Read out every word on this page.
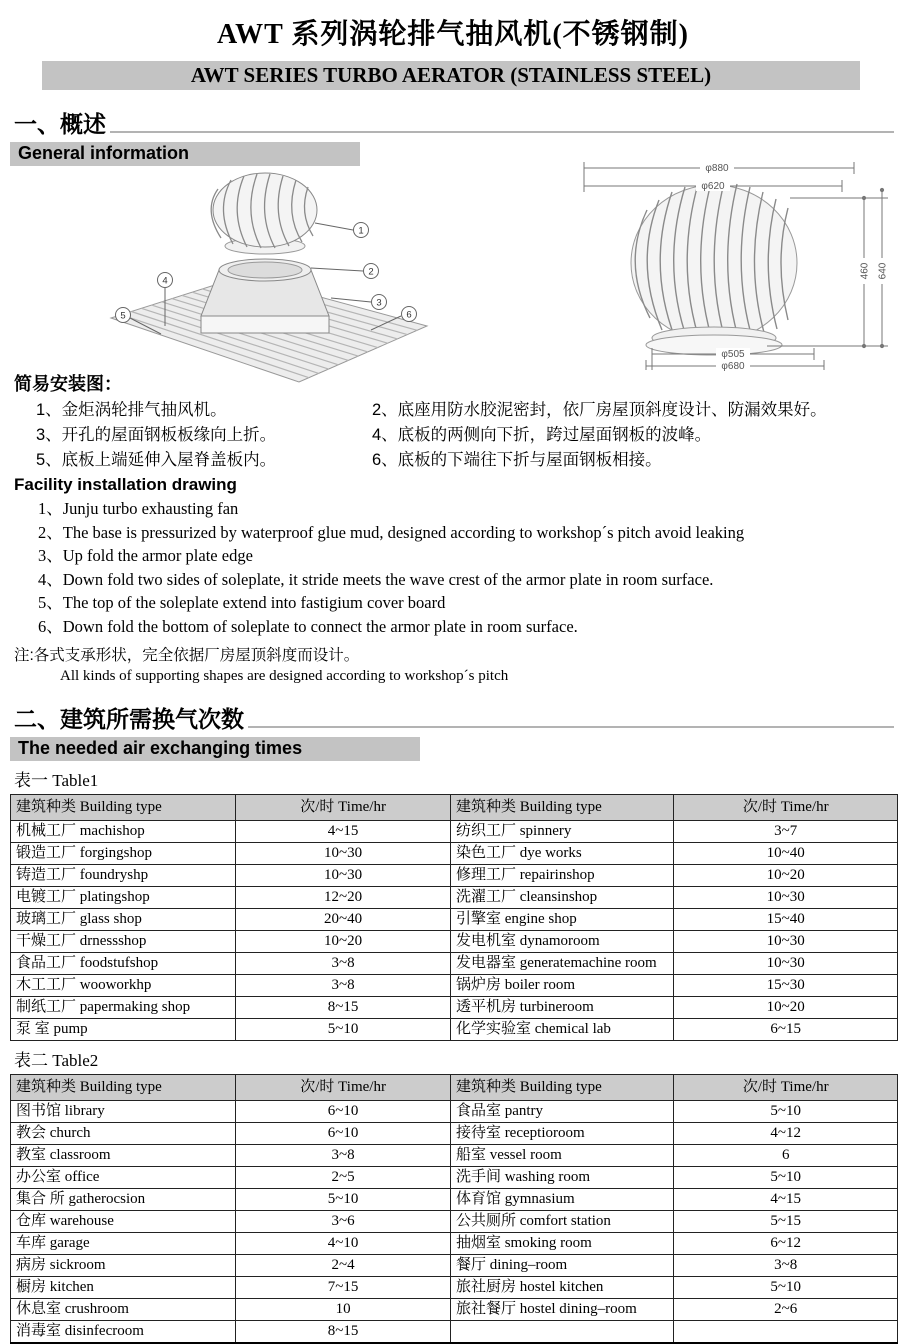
AWT 系列涡轮排气抽风机(不锈钢制)
AWT SERIES TURBO AERATOR (STAINLESS STEEL)
一、概述
General information
1
2
3
4
5	6
φ880
φ620
460 640
φ505
φ680
简易安装图：
1、金炬涡轮排气抽风机。	2、底座用防水胶泥密封，依厂房屋顶斜度设计、防漏效果好。
3、开孔的屋面钢板板缘向上折。	4、底板的两侧向下折，跨过屋面钢板的波峰。
5、底板上端延伸入屋脊盖板内。	6、底板的下端往下折与屋面钢板相接。
Facility installation drawing
1、Junju turbo exhausting fan
2、The base is pressurized by waterproof glue mud, designed according to workshop´s pitch avoid leaking
3、Up fold the armor plate edge
4、Down fold two sides of soleplate, it stride meets the wave crest of the armor plate in room surface.
5、The top of the soleplate extend into fastigium cover board
6、Down fold the bottom of soleplate to connect the armor plate in room surface.
注:各式支承形状，完全依据厂房屋顶斜度而设计。
All kinds of supporting shapes are designed according to workshop´s pitch
二、建筑所需换气次数
The needed air exchanging times
表一 Table1
建筑种类 Building type	次/时 Time/hr	建筑种类 Building type	次/时 Time/hr
机械工厂 machishop	4~15	纺织工厂 spinnery	3~7
锻造工厂 forgingshop	10~30	染色工厂 dye works	10~40
铸造工厂 foundryshp	10~30	修理工厂 repairinshop	10~20
电镀工厂 platingshop	12~20	洗濯工厂 cleansinshop	10~30
玻璃工厂 glass shop	20~40	引擎室 engine shop	15~40
干燥工厂 drnessshop	10~20	发电机室 dynamoroom	10~30
食品工厂 foodstufshop	3~8	发电器室 generatemachine room	10~30
木工工厂 wooworkhp	3~8	锅炉房 boiler room	15~30
制纸工厂 papermaking shop	8~15	透平机房 turbineroom	10~20
泵 室 pump	5~10	化学实验室 chemical lab	6~15
表二 Table2
建筑种类 Building type	次/时 Time/hr	建筑种类 Building type	次/时 Time/hr
图书馆 library	6~10	食品室 pantry	5~10
教会 church	6~10	接待室 receptioroom	4~12
教室 classroom	3~8	船室 vessel room	6
办公室 office	2~5	洗手间 washing room	5~10
集合 所 gatherocsion	5~10	体育馆 gymnasium	4~15
仓库 warehouse	3~6	公共厕所 comfort station	5~15
车库 garage	4~10	抽烟室 smoking room	6~12
病房 sickroom	2~4	餐厅 dining–room	3~8
橱房 kitchen	7~15	旅社厨房 hostel kitchen	5~10
休息室 crushroom	10	旅社餐厅 hostel dining–room	2~6
消毒室 disinfecroom	8~15		
